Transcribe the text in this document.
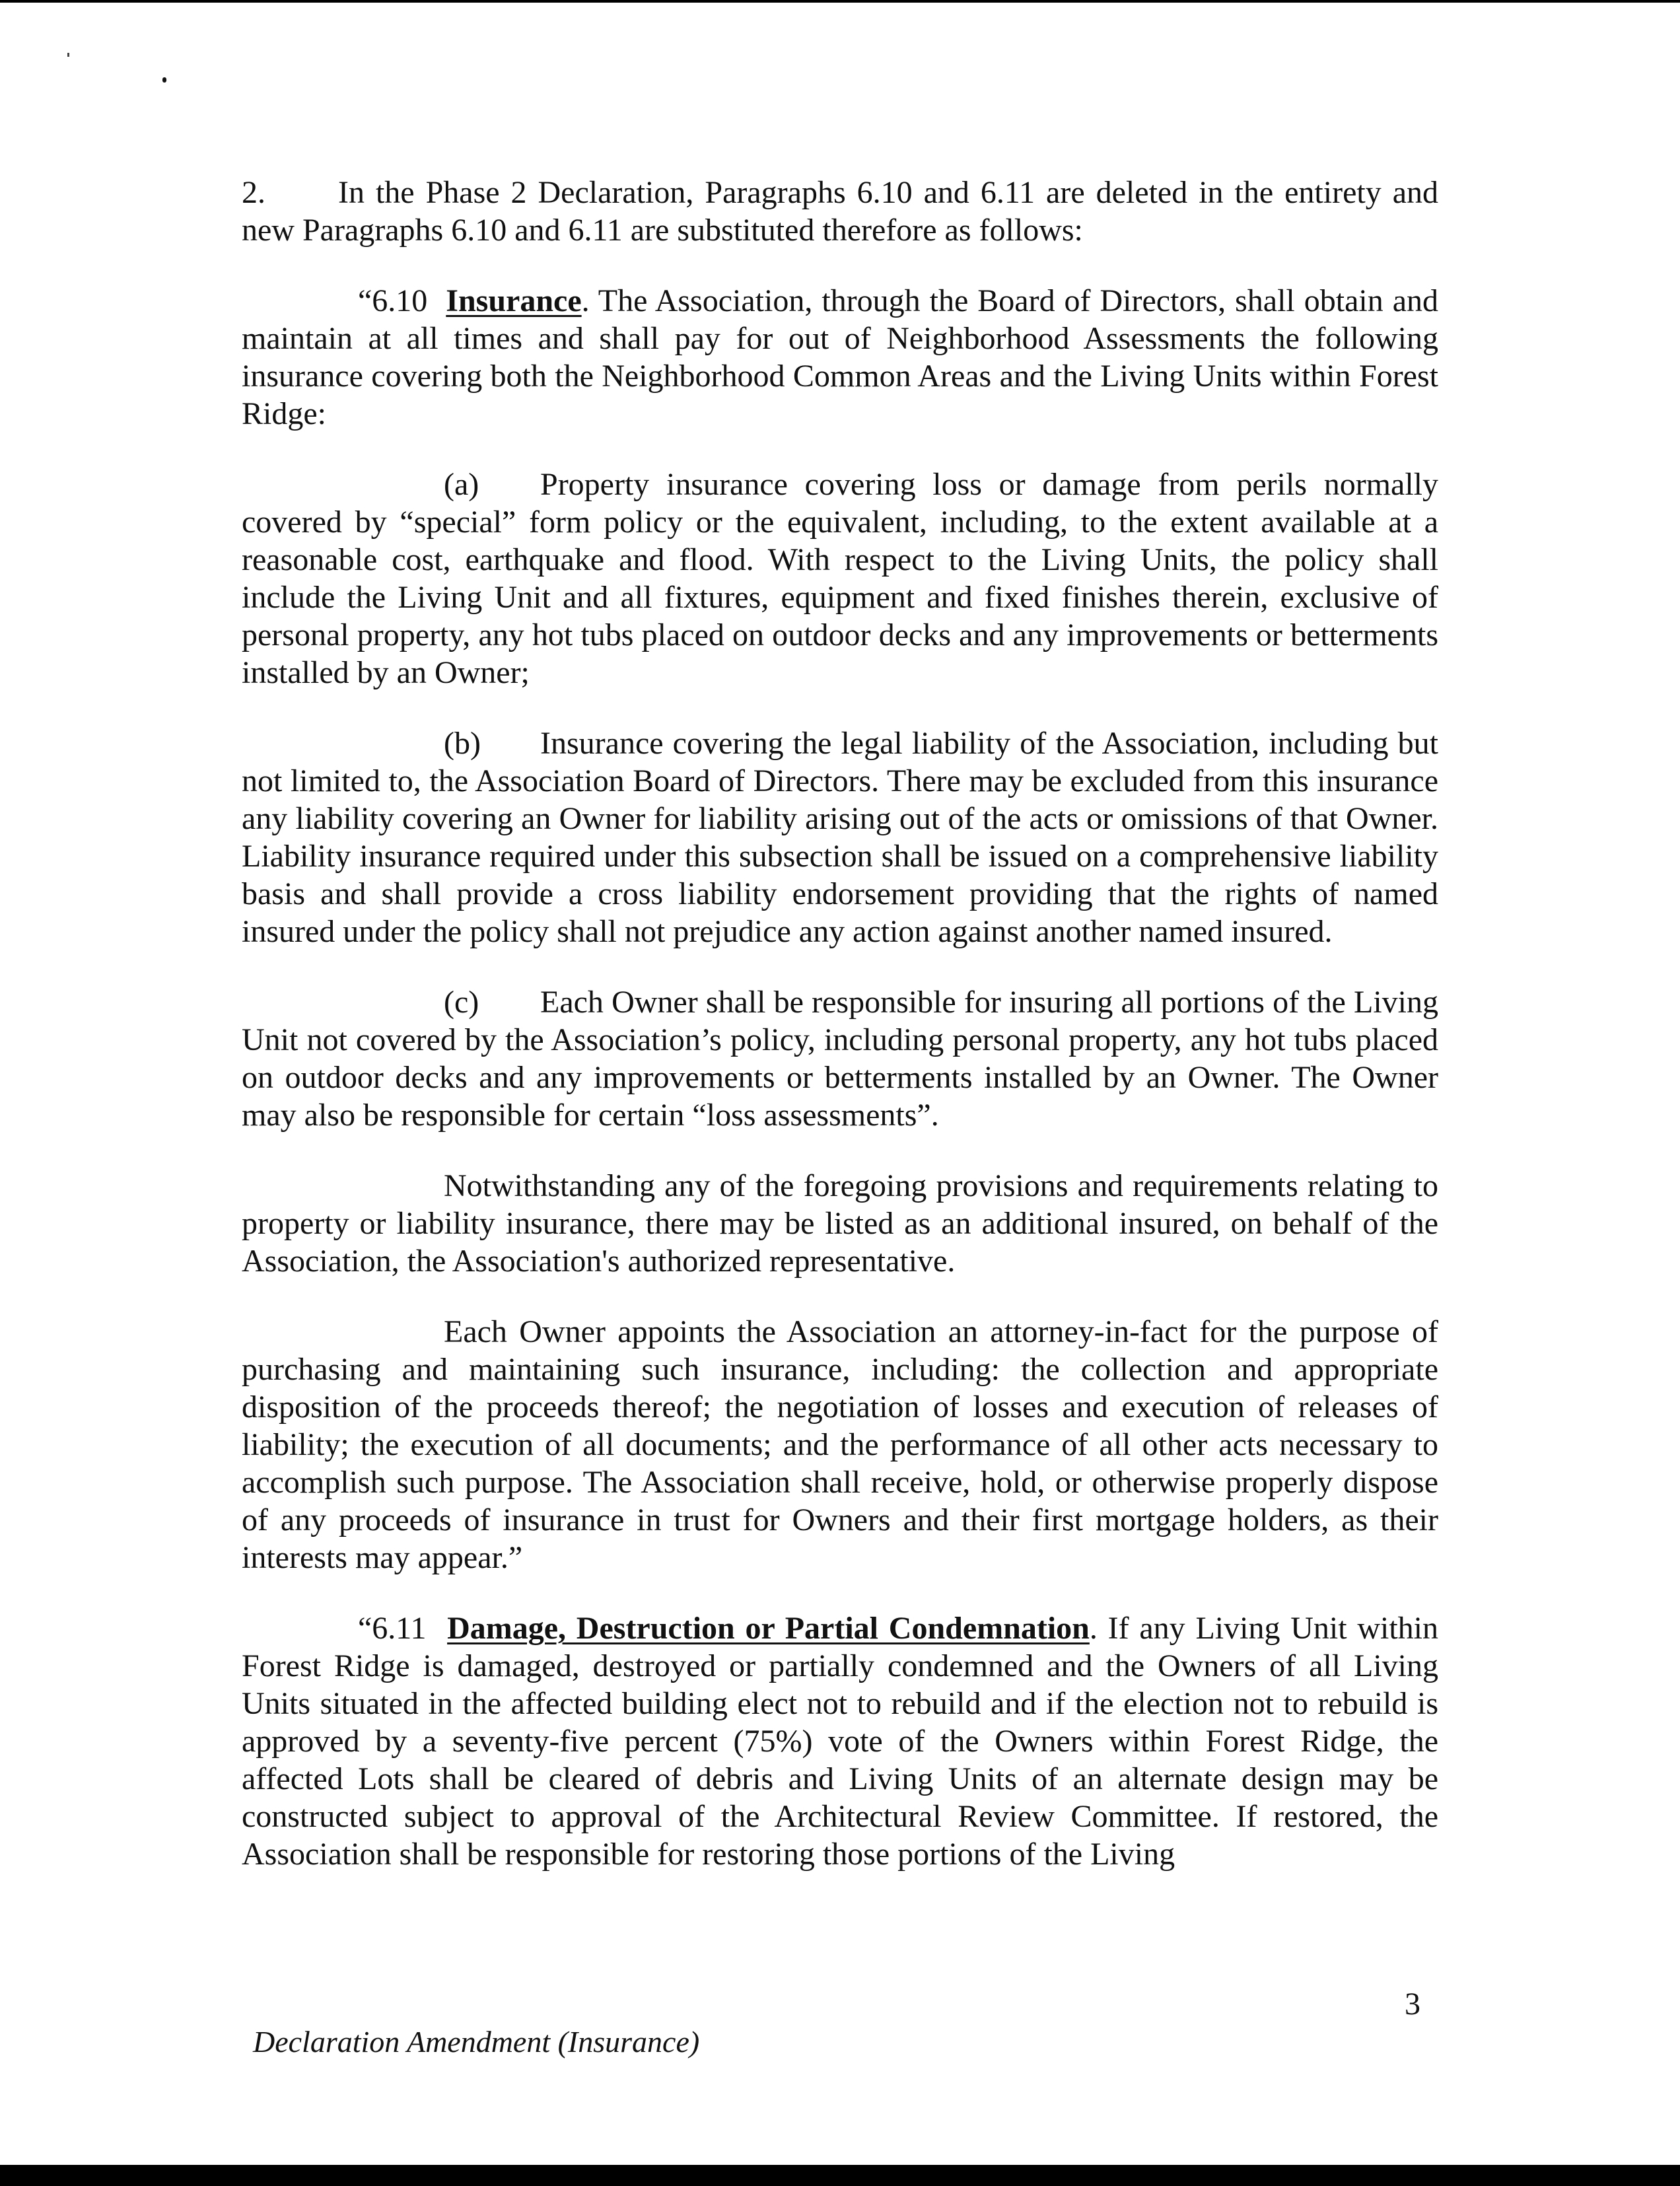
2. In the Phase 2 Declaration, Paragraphs 6.10 and 6.11 are deleted in the entirety and new Paragraphs 6.10 and 6.11 are substituted therefore as follows:

“6.10 Insurance. The Association, through the Board of Directors, shall obtain and maintain at all times and shall pay for out of Neighborhood Assessments the following insurance covering both the Neighborhood Common Areas and the Living Units within Forest Ridge:

(a) Property insurance covering loss or damage from perils normally covered by “special” form policy or the equivalent, including, to the extent available at a reasonable cost, earthquake and flood. With respect to the Living Units, the policy shall include the Living Unit and all fixtures, equipment and fixed finishes therein, exclusive of personal property, any hot tubs placed on outdoor decks and any improvements or betterments installed by an Owner;

(b) Insurance covering the legal liability of the Association, including but not limited to, the Association Board of Directors. There may be excluded from this insurance any liability covering an Owner for liability arising out of the acts or omissions of that Owner. Liability insurance required under this subsection shall be issued on a comprehensive liability basis and shall provide a cross liability endorsement providing that the rights of named insured under the policy shall not prejudice any action against another named insured.

(c) Each Owner shall be responsible for insuring all portions of the Living Unit not covered by the Association’s policy, including personal property, any hot tubs placed on outdoor decks and any improvements or betterments installed by an Owner. The Owner may also be responsible for certain “loss assessments”.

Notwithstanding any of the foregoing provisions and requirements relating to property or liability insurance, there may be listed as an additional insured, on behalf of the Association, the Association's authorized representative.

Each Owner appoints the Association an attorney-in-fact for the purpose of purchasing and maintaining such insurance, including: the collection and appropriate disposition of the proceeds thereof; the negotiation of losses and execution of releases of liability; the execution of all documents; and the performance of all other acts necessary to accomplish such purpose. The Association shall receive, hold, or otherwise properly dispose of any proceeds of insurance in trust for Owners and their first mortgage holders, as their interests may appear.”

“6.11 Damage, Destruction or Partial Condemnation. If any Living Unit within Forest Ridge is damaged, destroyed or partially condemned and the Owners of all Living Units situated in the affected building elect not to rebuild and if the election not to rebuild is approved by a seventy-five percent (75%) vote of the Owners within Forest Ridge, the affected Lots shall be cleared of debris and Living Units of an alternate design may be constructed subject to approval of the Architectural Review Committee. If restored, the Association shall be responsible for restoring those portions of the Living

3
Declaration Amendment (Insurance)
